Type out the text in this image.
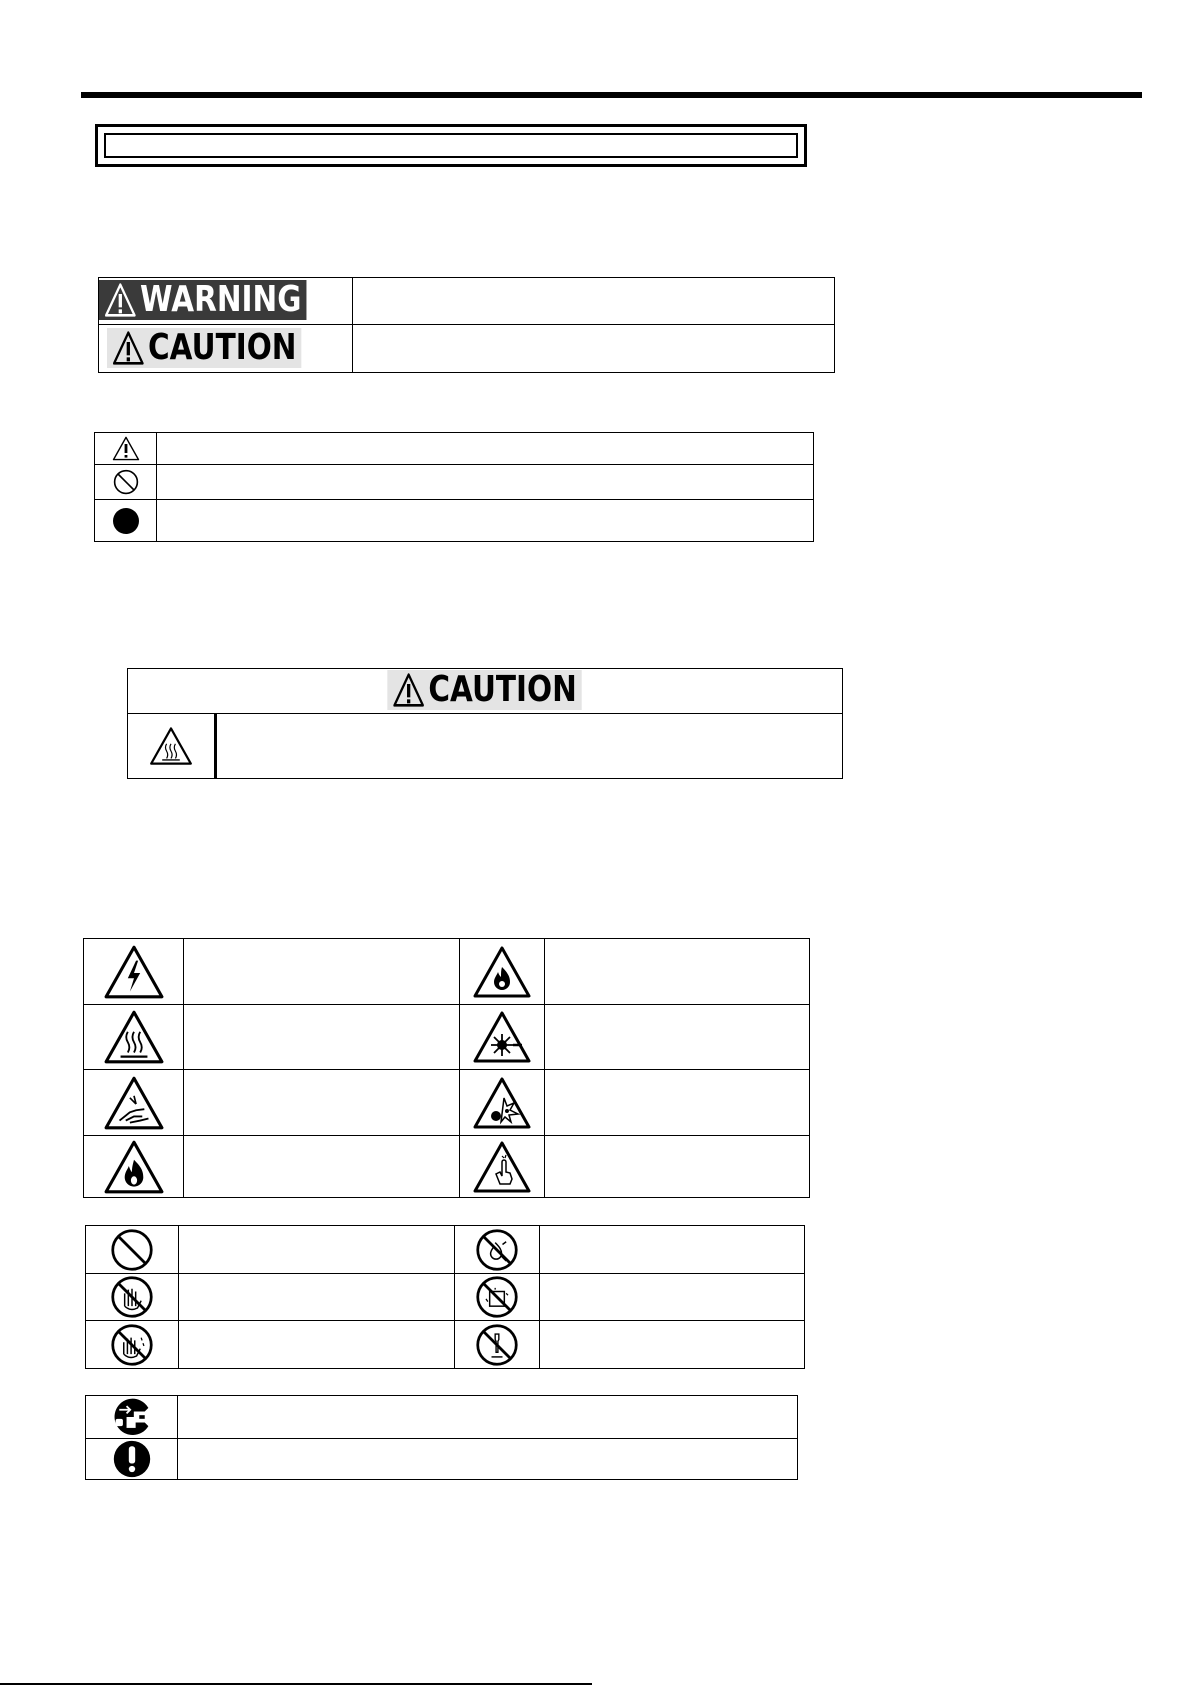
WARNING	

CAUTION	

CAUTION
